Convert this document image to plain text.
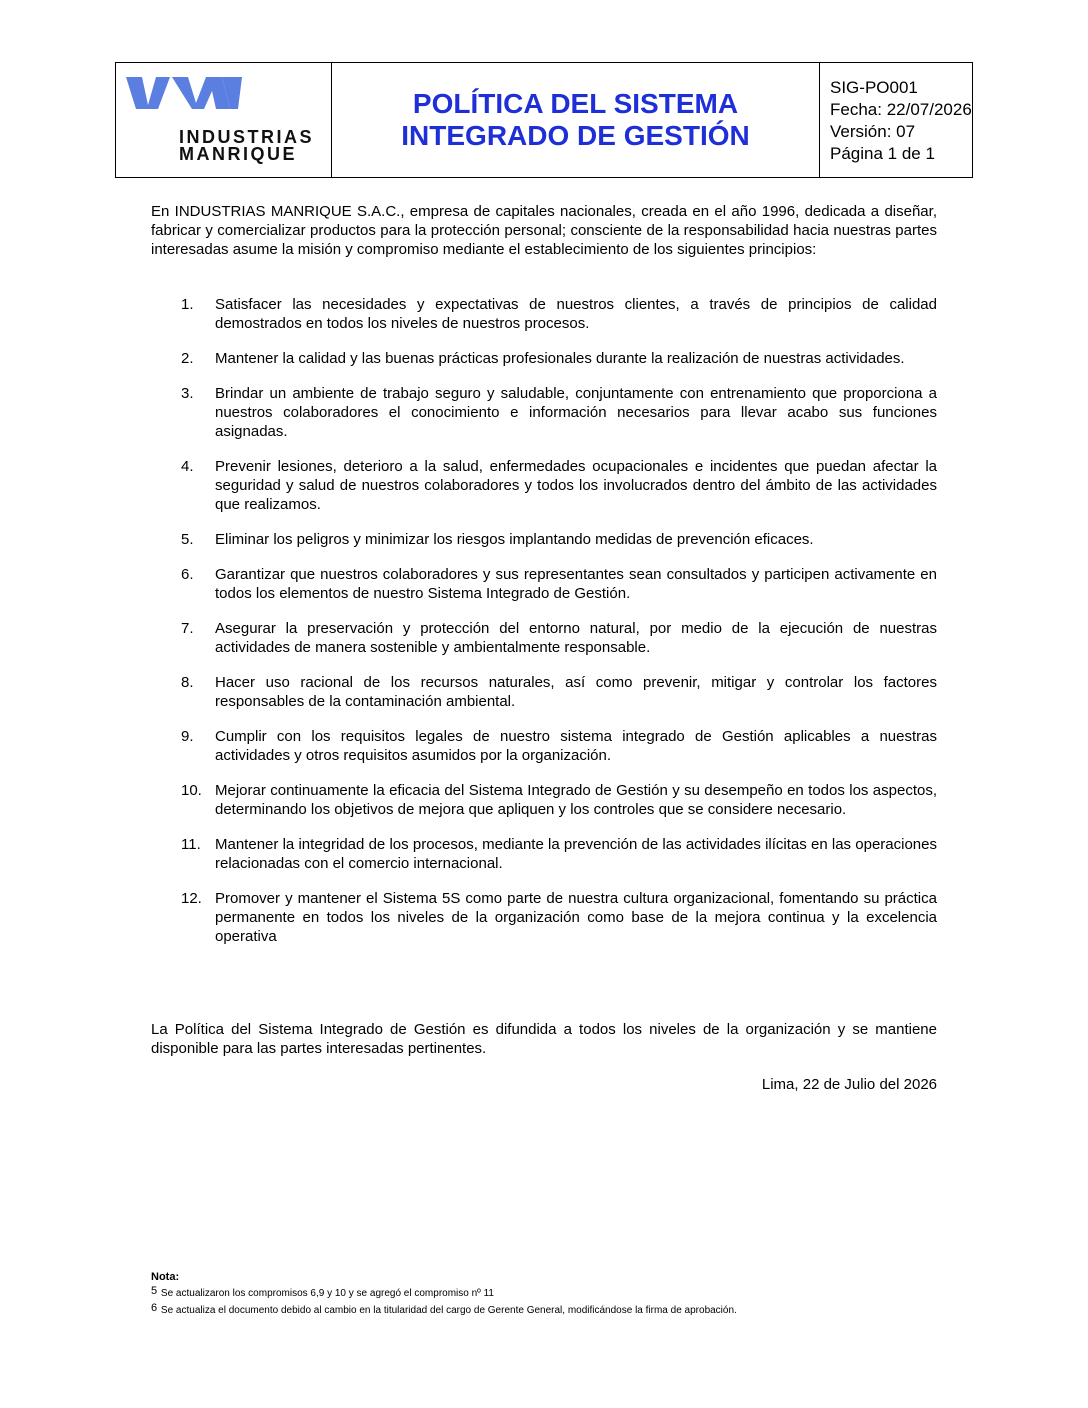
INDUSTRIAS
MANRIQUE
POLÍTICA DEL SISTEMA
INTEGRADO DE GESTIÓN
SIG-PO001
Fecha: 22/07/2026
Versión: 07
Página 1 de 1
En INDUSTRIAS MANRIQUE S.A.C., empresa de capitales nacionales, creada en el año 1996, dedicada a diseñar, fabricar y comercializar productos para la protección personal; consciente de la responsabilidad hacia nuestras partes interesadas asume la misión y compromiso mediante el establecimiento de los siguientes principios:
1.	Satisfacer las necesidades y expectativas de nuestros clientes, a través de principios de calidad demostrados en todos los niveles de nuestros procesos.
2.	Mantener la calidad y las buenas prácticas profesionales durante la realización de nuestras actividades.
3.	Brindar un ambiente de trabajo seguro y saludable, conjuntamente con entrenamiento que proporciona a nuestros colaboradores el conocimiento e información necesarios para llevar acabo sus funciones asignadas.
4.	Prevenir lesiones, deterioro a la salud, enfermedades ocupacionales e incidentes que puedan afectar la seguridad y salud de nuestros colaboradores y todos los involucrados dentro del ámbito de las actividades que realizamos.
5.	Eliminar los peligros y minimizar los riesgos implantando medidas de prevención eficaces.
6.	Garantizar que nuestros colaboradores y sus representantes sean consultados y participen activamente en todos los elementos de nuestro Sistema Integrado de Gestión.
7.	Asegurar la preservación y protección del entorno natural, por medio de la ejecución de nuestras actividades de manera sostenible y ambientalmente responsable.
8.	Hacer uso racional de los recursos naturales, así como prevenir, mitigar y controlar los factores responsables de la contaminación ambiental.
9.	Cumplir con los requisitos legales de nuestro sistema integrado de Gestión aplicables a nuestras actividades y otros requisitos asumidos por la organización.
10. Mejorar continuamente la eficacia del Sistema Integrado de Gestión y su desempeño en todos los aspectos, determinando los objetivos de mejora que apliquen y los controles que se considere necesario.
11. Mantener la integridad de los procesos, mediante la prevención de las actividades ilícitas en las operaciones relacionadas con el comercio internacional.
12. Promover y mantener el Sistema 5S como parte de nuestra cultura organizacional, fomentando su práctica permanente en todos los niveles de la organización como base de la mejora continua y la excelencia operativa
La Política del Sistema Integrado de Gestión es difundida a todos los niveles de la organización y se mantiene disponible para las partes interesadas pertinentes.
Lima, 22 de Julio del 2026
Nota:
$^5$ Se actualizaron los compromisos 6,9 y 10 y se agregó el compromiso nº 11
$^6$ Se actualiza el documento debido al cambio en la titularidad del cargo de Gerente General, modificándose la firma de aprobación.
